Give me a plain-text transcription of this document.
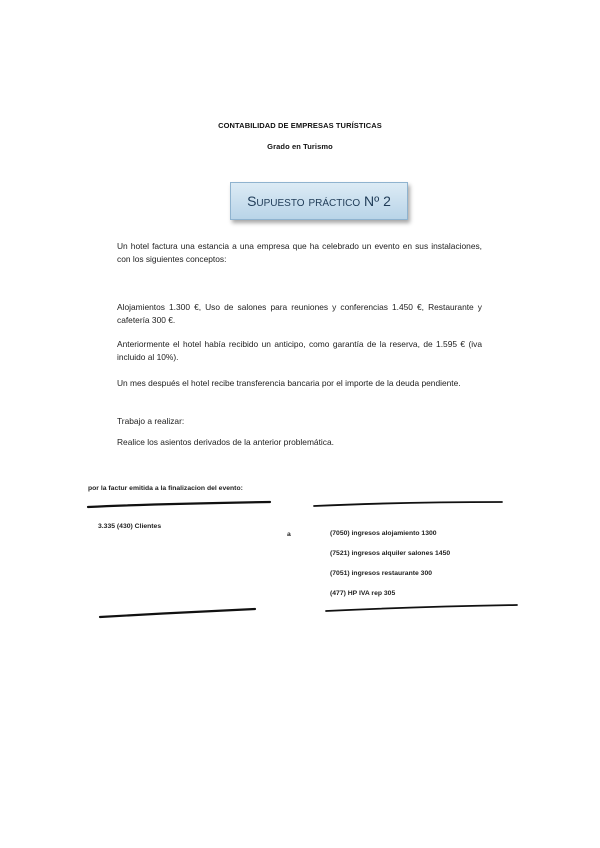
CONTABILIDAD DE EMPRESAS TURÍSTICAS
Grado en Turismo
Supuesto práctico Nº 2
Un hotel factura una estancia a una empresa que ha celebrado un evento en sus instalaciones, con los siguientes conceptos:
Alojamientos 1.300 €, Uso de salones para reuniones y conferencias 1.450 €, Restaurante y cafetería 300 €.
Anteriormente el hotel había recibido un anticipo, como garantía de la reserva, de 1.595 € (iva incluido al 10%).
Un mes después el hotel recibe transferencia bancaria por el importe de la deuda pendiente.
Trabajo a realizar:
Realice los asientos derivados de la anterior problemática.
por la factur emitida a la finalizacion del evento:
3.335 (430) Clientes
a	(7050) ingresos alojamiento 1300
(7521) ingresos alquiler salones 1450
(7051) ingresos restaurante 300
(477) HP IVA rep 305
